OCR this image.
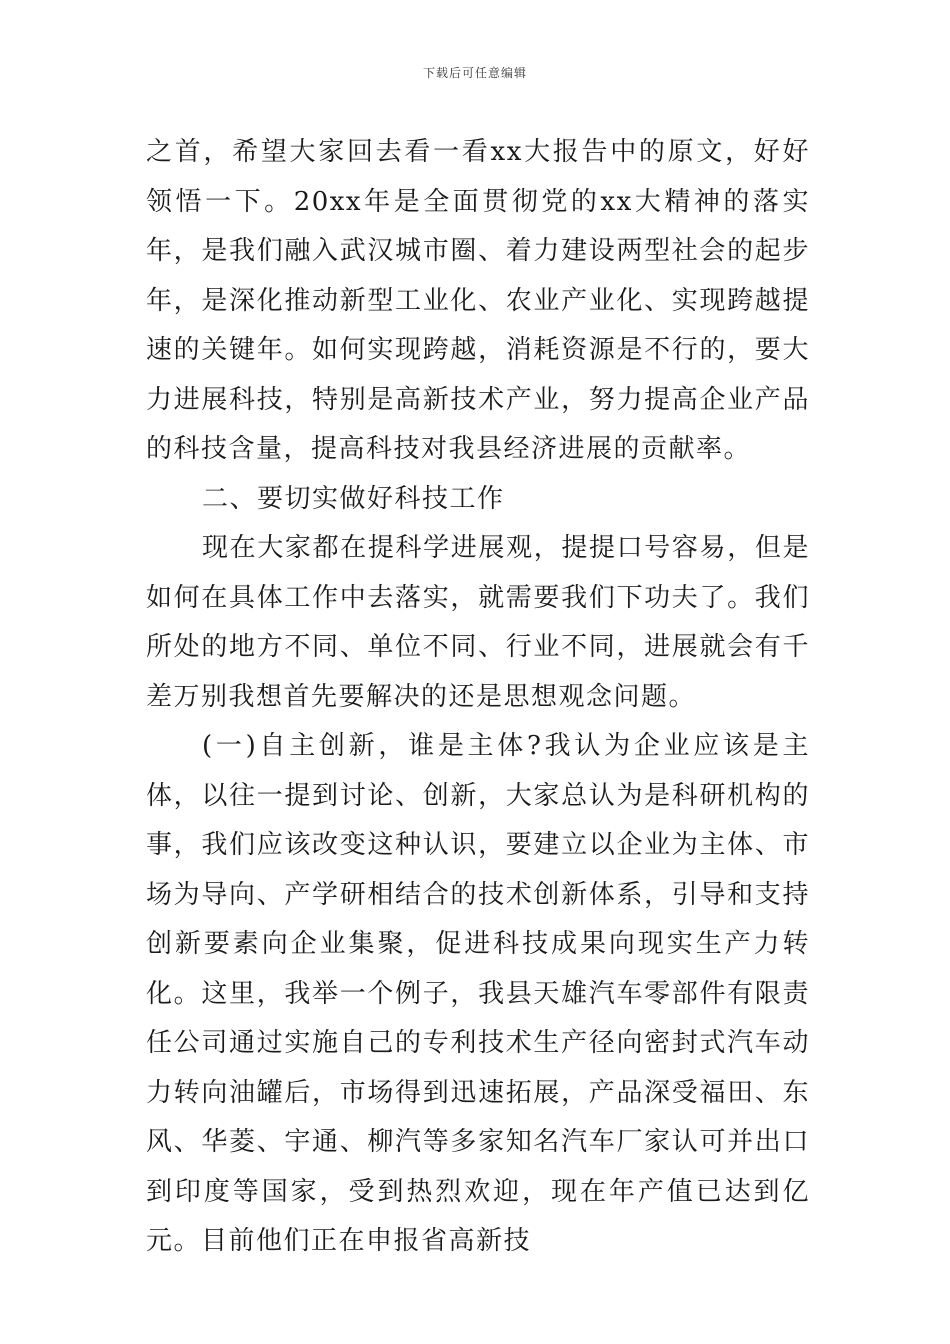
下载后可任意编辑

之首，希望大家回去看一看xx大报告中的原文，好好领悟一下。20xx年是全面贯彻党的xx大精神的落实年，是我们融入武汉城市圈、着力建设两型社会的起步年，是深化推动新型工业化、农业产业化、实现跨越提速的关键年。如何实现跨越，消耗资源是不行的，要大力进展科技，特别是高新技术产业，努力提高企业产品的科技含量，提高科技对我县经济进展的贡献率。

二、要切实做好科技工作

现在大家都在提科学进展观，提提口号容易，但是如何在具体工作中去落实，就需要我们下功夫了。我们所处的地方不同、单位不同、行业不同，进展就会有千差万别我想首先要解决的还是思想观念问题。

(一)自主创新，谁是主体?我认为企业应该是主体，以往一提到讨论、创新，大家总认为是科研机构的事，我们应该改变这种认识，要建立以企业为主体、市场为导向、产学研相结合的技术创新体系，引导和支持创新要素向企业集聚，促进科技成果向现实生产力转化。这里，我举一个例子，我县天雄汽车零部件有限责任公司通过实施自己的专利技术生产径向密封式汽车动力转向油罐后，市场得到迅速拓展，产品深受福田、东风、华菱、宇通、柳汽等多家知名汽车厂家认可并出口到印度等国家，受到热烈欢迎，现在年产值已达到亿元。目前他们正在申报省高新技
